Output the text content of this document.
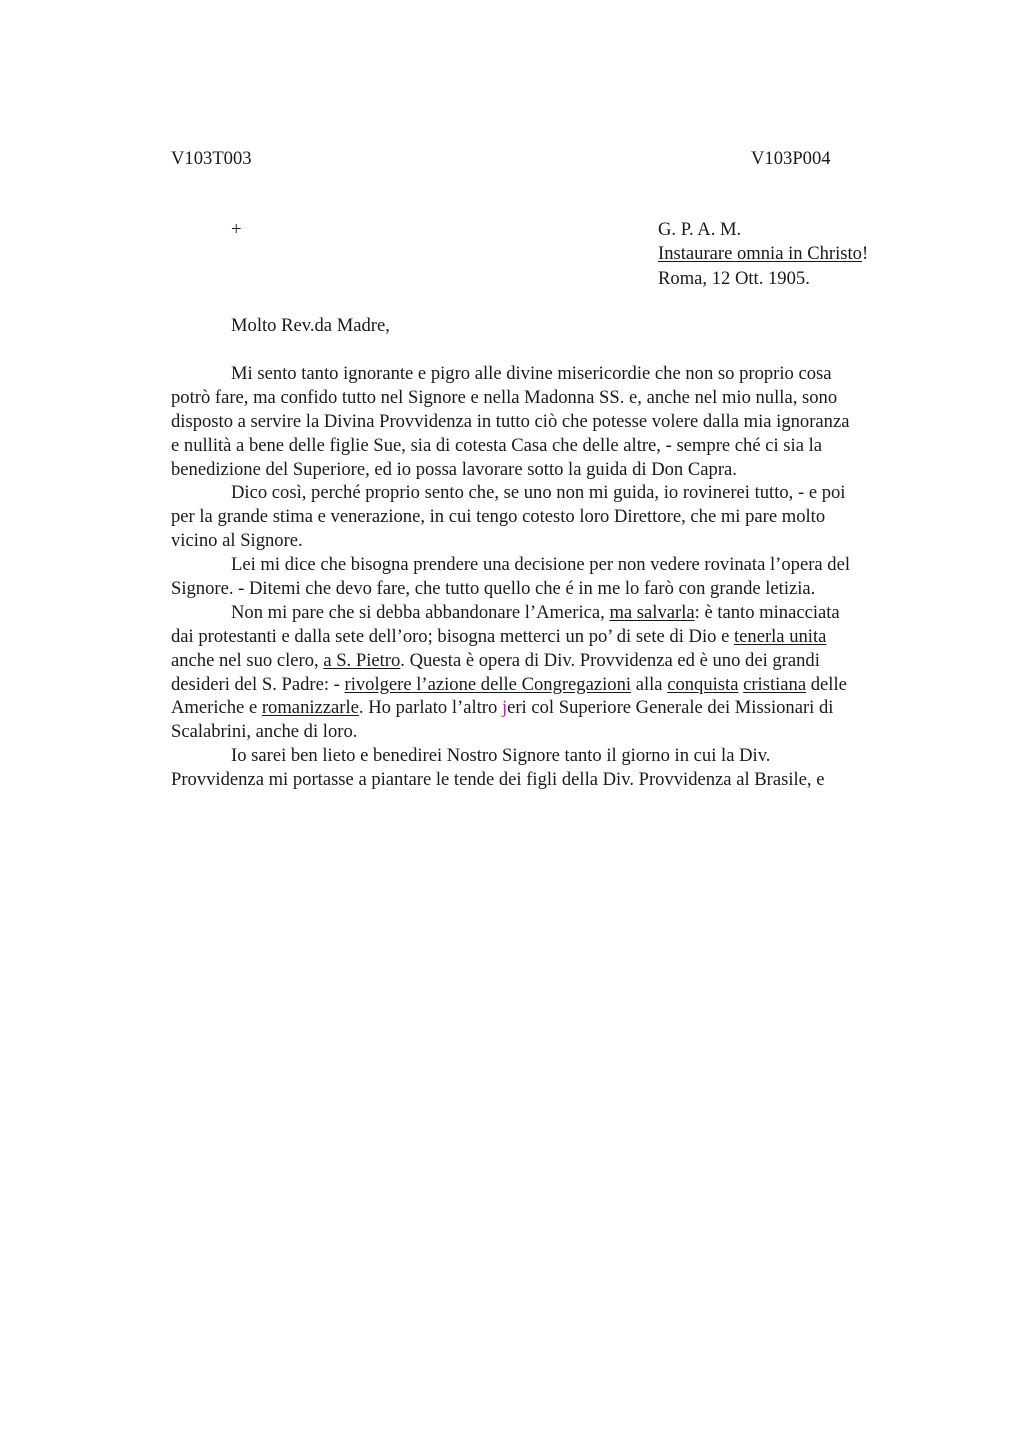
V103T003	V103P004
+	G. P. A. M.
Instaurare omnia in Christo!
Roma, 12 Ott. 1905.
Molto Rev.da Madre,
Mi sento tanto ignorante e pigro alle divine misericordie che non so proprio cosa
potrò fare, ma confido tutto nel Signore e nella Madonna SS. e, anche nel mio nulla, sono
disposto a servire la Divina Provvidenza in tutto ciò che potesse volere dalla mia ignoranza
e nullità a bene delle figlie Sue, sia di cotesta Casa che delle altre, - sempre ché ci sia la
benedizione del Superiore, ed io possa lavorare sotto la guida di Don Capra.
Dico così, perché proprio sento che, se uno non mi guida, io rovinerei tutto, - e poi
per la grande stima e venerazione, in cui tengo cotesto loro Direttore, che mi pare molto
vicino al Signore.
Lei mi dice che bisogna prendere una decisione per non vedere rovinata l’opera del
Signore. - Ditemi che devo fare, che tutto quello che é in me lo farò con grande letizia.
Non mi pare che si debba abbandonare l’America, ma salvarla: è tanto minacciata
dai protestanti e dalla sete dell’oro; bisogna metterci un po’ di sete di Dio e tenerla unita
anche nel suo clero, a S. Pietro. Questa è opera di Div. Provvidenza ed è uno dei grandi
desideri del S. Padre: - rivolgere l’azione delle Congregazioni alla conquista cristiana delle
Americhe e romanizzarle. Ho parlato l’altro jeri col Superiore Generale dei Missionari di
Scalabrini, anche di loro.
Io sarei ben lieto e benedirei Nostro Signore tanto il giorno in cui la Div.
Provvidenza mi portasse a piantare le tende dei figli della Div. Provvidenza al Brasile, e
